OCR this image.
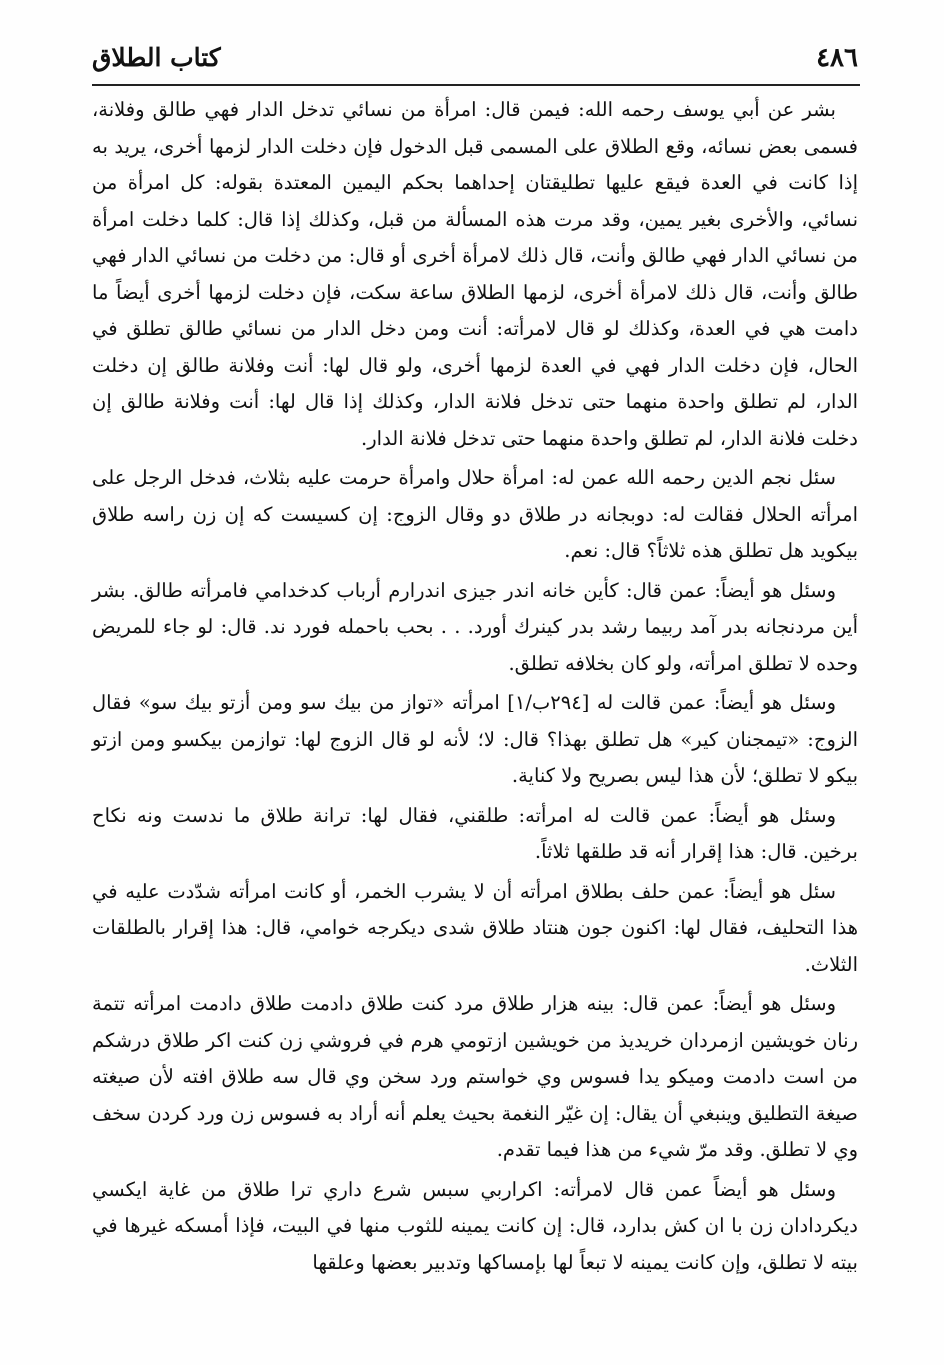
٤٨٦
كتاب الطلاق

بشر عن أبي يوسف رحمه الله: فيمن قال: امرأة من نسائي تدخل الدار فهي طالق وفلانة، فسمى بعض نسائه، وقع الطلاق على المسمى قبل الدخول فإن دخلت الدار لزمها أخرى، يريد به إذا كانت في العدة فيقع عليها تطليقتان إحداهما بحكم اليمين المعتدة بقوله: كل امرأة من نسائي، والأخرى بغير يمين، وقد مرت هذه المسألة من قبل، وكذلك إذا قال: كلما دخلت امرأة من نسائي الدار فهي طالق وأنت، قال ذلك لامرأة أخرى أو قال: من دخلت من نسائي الدار فهي طالق وأنت، قال ذلك لامرأة أخرى، لزمها الطلاق ساعة سكت، فإن دخلت لزمها أخرى أيضاً ما دامت هي في العدة، وكذلك لو قال لامرأته: أنت ومن دخل الدار من نسائي طالق تطلق في الحال، فإن دخلت الدار فهي في العدة لزمها أخرى، ولو قال لها: أنت وفلانة طالق إن دخلت الدار، لم تطلق واحدة منهما حتى تدخل فلانة الدار، وكذلك إذا قال لها: أنت وفلانة طالق إن دخلت فلانة الدار، لم تطلق واحدة منهما حتى تدخل فلانة الدار.

سئل نجم الدين رحمه الله عمن له: امرأة حلال وامرأة حرمت عليه بثلاث، فدخل الرجل على امرأته الحلال فقالت له: دوبجانه در طلاق دو وقال الزوج: إن كسيست كه إن زن راسه طلاق بيكويد هل تطلق هذه ثلاثاً؟ قال: نعم.

وسئل هو أيضاً: عمن قال: كأين خانه اندر جيزى اندرارم أرباب كدخدامي فامرأته طالق. بشر أين مردنجانه بدر آمد ربيما رشد بدر كينرك أورد. . . بحب باحمله فورد ند. قال: لو جاء للمريض وحده لا تطلق امرأته، ولو كان بخلافه تطلق.

وسئل هو أيضاً: عمن قالت له [٢٩٤ب/١] امرأته «تواز من بيك سو ومن أزتو بيك سو» فقال الزوج: «تيمجنان كير» هل تطلق بهذا؟ قال: لا؛ لأنه لو قال الزوج لها: توازمن بيكسو ومن ازتو بيكو لا تطلق؛ لأن هذا ليس بصريح ولا كناية.

وسئل هو أيضاً: عمن قالت له امرأته: طلقني، فقال لها: ترانة طلاق ما ندست ونه نكاح برخين. قال: هذا إقرار أنه قد طلقها ثلاثاً.

سئل هو أيضاً: عمن حلف بطلاق امرأته أن لا يشرب الخمر، أو كانت امرأته شدّدت عليه في هذا التحليف، فقال لها: اكنون جون هنتاد طلاق شدى ديكرجه خوامي، قال: هذا إقرار بالطلقات الثلاث.

وسئل هو أيضاً: عمن قال: بينه هزار طلاق مرد كنت طلاق دادمت طلاق دادمت امرأته تتمة رنان خويشين ازمردان خريديذ من خويشين ازتومي هرم في فروشي زن كنت اكر طلاق درشكم من است دادمت وميكو يدا فسوس وي خواستم ورد سخن وي قال سه طلاق افته لأن صيغته صيغة التطليق وينبغي أن يقال: إن غيّر النغمة بحيث يعلم أنه أراد به فسوس زن ورد كردن سخف وي لا تطلق. وقد مرّ شيء من هذا فيما تقدم.

وسئل هو أيضاً عمن قال لامرأته: اكراربي سبس شرع داري ترا طلاق من غاية ايكسي ديكردادان زن با ان كش بدارد، قال: إن كانت يمينه للثوب منها في البيت، فإذا أمسكه غيرها في بيته لا تطلق، وإن كانت يمينه لا تبعاً لها بإمساكها وتدبير بعضها وعلقها
